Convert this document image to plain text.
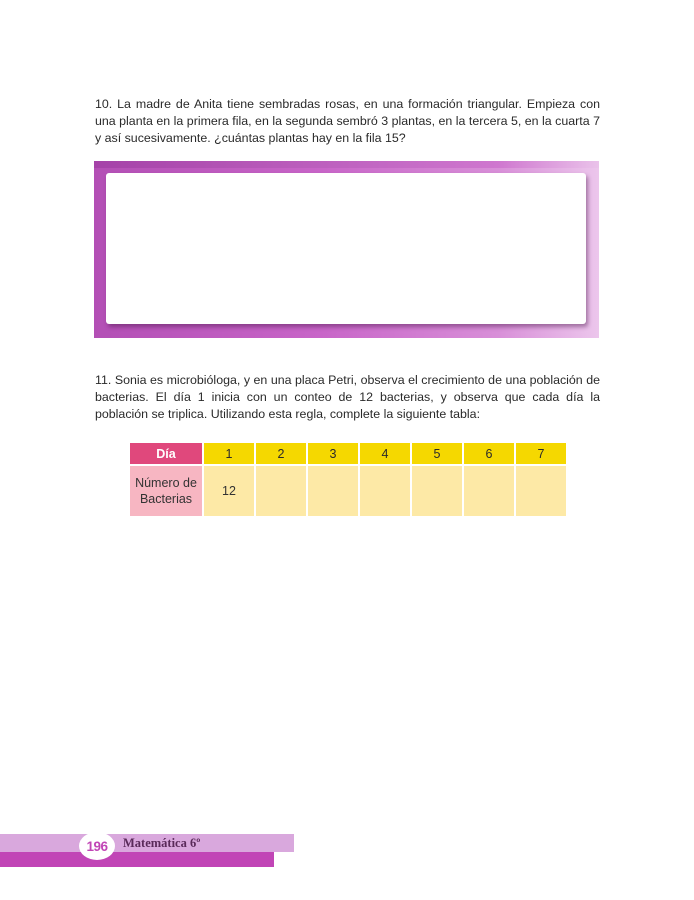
10. La madre de Anita tiene sembradas rosas, en una formación triangular. Empieza con una planta en la primera fila, en la segunda sembró 3 plantas, en la tercera 5, en la cuarta 7 y así sucesivamente. ¿cuántas plantas hay en la fila 15?

11. Sonia es microbióloga, y en una placa Petri, observa el crecimiento de una población de bacterias. El día 1 inicia con un conteo de 12 bacterias, y observa que cada día la población se triplica. Utilizando esta regla, complete la siguiente tabla:

Día	1	2	3	4	5	6	7

Número de
Bacterias	12						
196	Matemática 6º
